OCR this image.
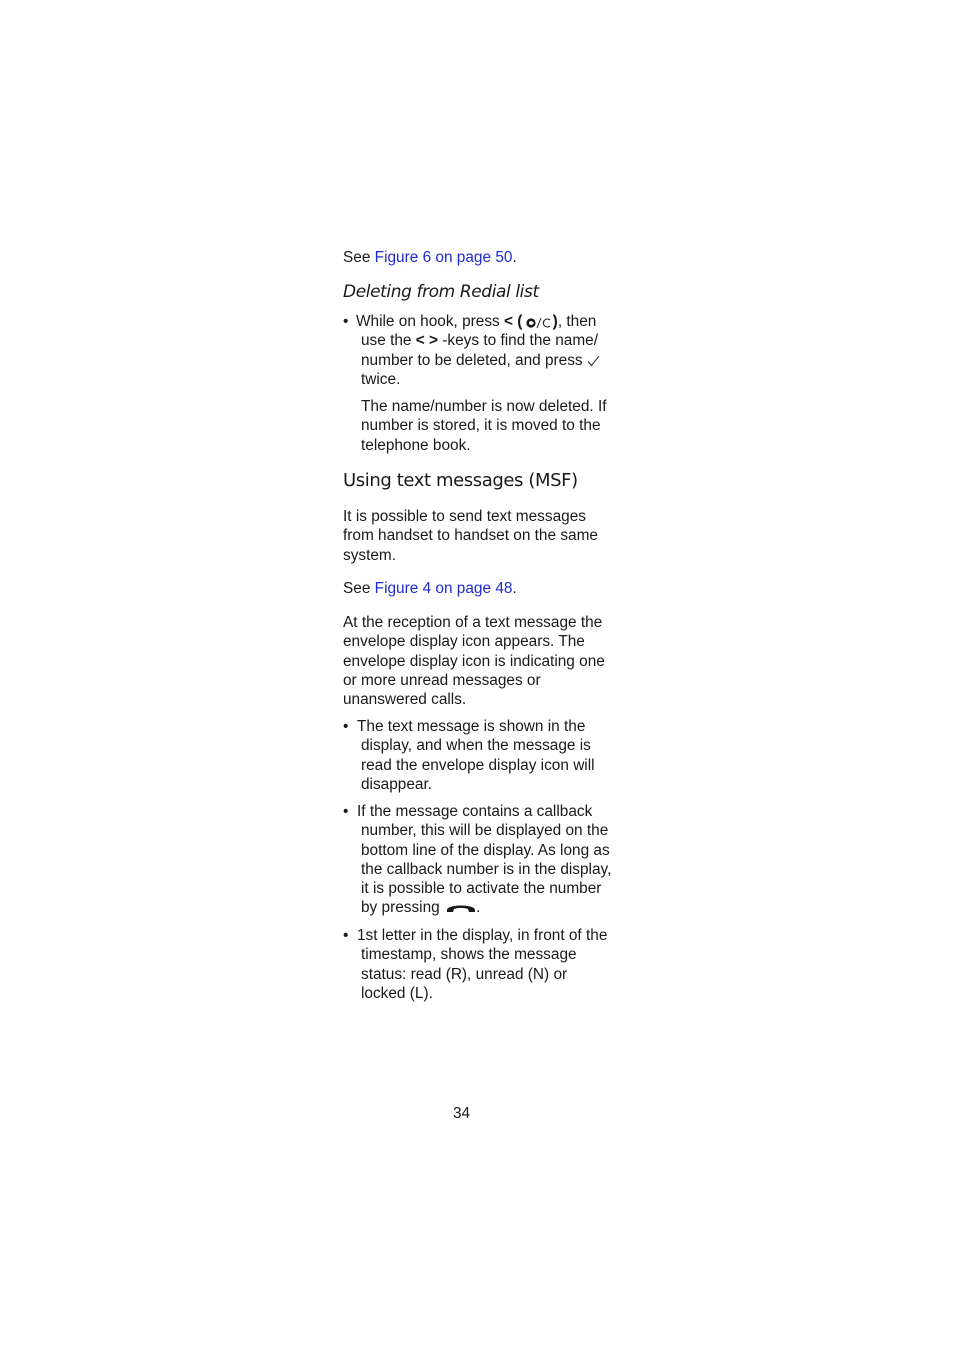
See Figure 6 on page 50.
Deleting from Redial list
• While on hook, press < ( ), then
use the < > -keys to find the name/
number to be deleted, and press
twice.
The name/number is now deleted. If number is stored, it is moved to the telephone book.
Using text messages (MSF)
It is possible to send text messages from handset to handset on the same system.
See Figure 4 on page 48.
At the reception of a text message the envelope display icon appears. The envelope display icon is indicating one or more unread messages or unanswered calls.
• The text message is shown in the display, and when the message is read the envelope display icon will disappear.
• If the message contains a callback number, this will be displayed on the bottom line of the display. As long as the callback number is in the display, it is possible to activate the number by pressing .
• 1st letter in the display, in front of the timestamp, shows the message status: read (R), unread (N) or locked (L).
34
